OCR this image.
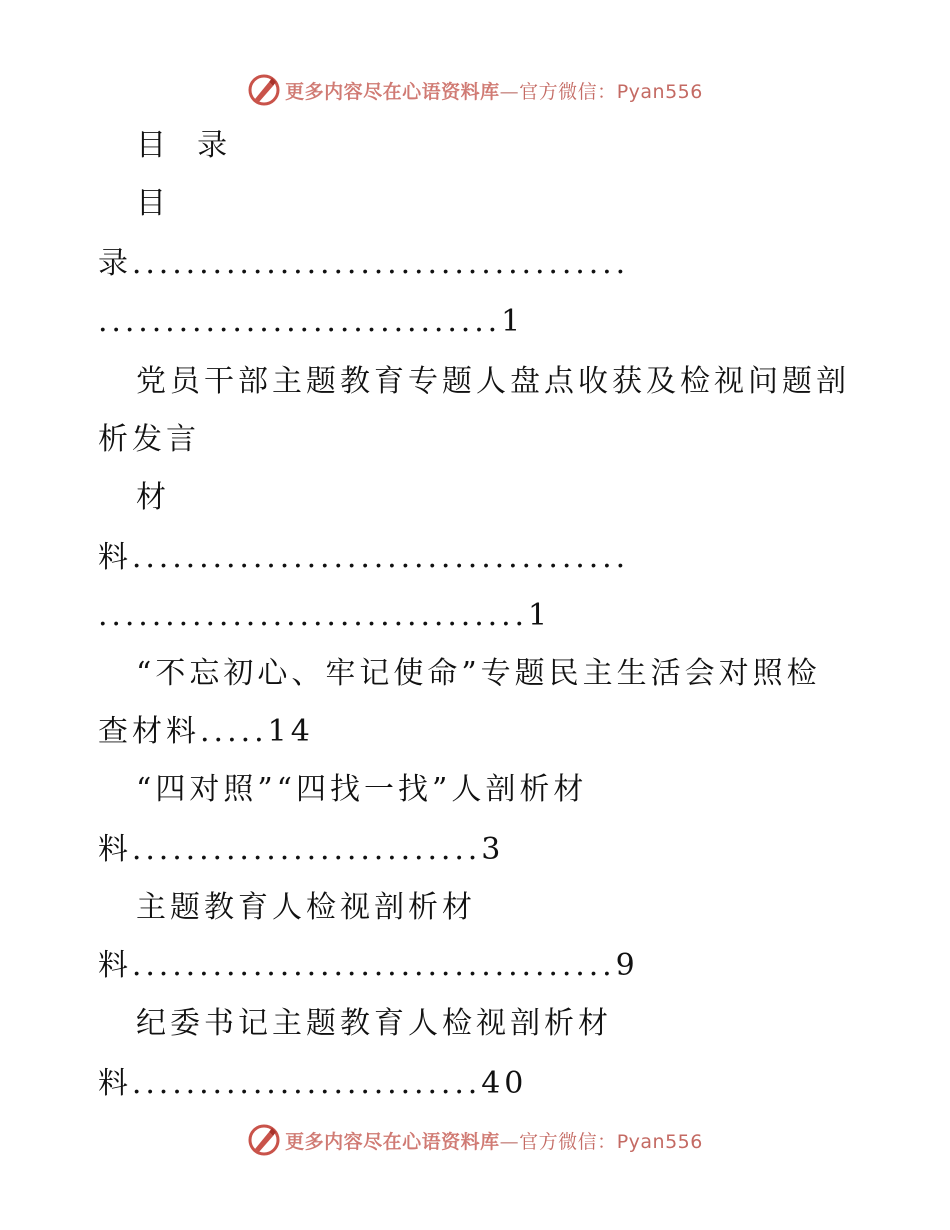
更多内容尽在心语资料库—官方微信：Pyan556
目  录
目
录.....................................
..............................1
党员干部主题教育专题人盘点收获及检视问题剖
析发言
材
料.....................................
................................1
“不忘初心、牢记使命”专题民主生活会对照检
查材料.....14
“四对照”“四找一找”人剖析材
料..........................3
主题教育人检视剖析材
料....................................9
纪委书记主题教育人检视剖析材
料..........................40
更多内容尽在心语资料库—官方微信：Pyan556
